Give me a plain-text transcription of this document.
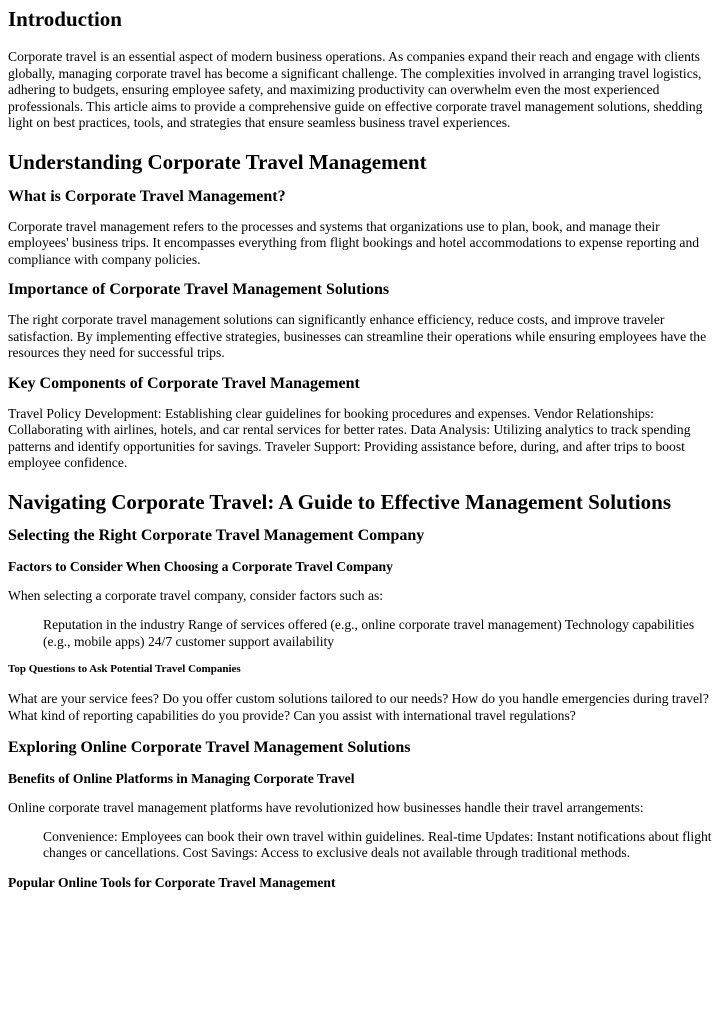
Introduction

Corporate travel is an essential aspect of modern business operations. As companies expand their reach and engage with clients globally, managing corporate travel has become a significant challenge. The complexities involved in arranging travel logistics, adhering to budgets, ensuring employee safety, and maximizing productivity can overwhelm even the most experienced professionals. This article aims to provide a comprehensive guide on effective corporate travel management solutions, shedding light on best practices, tools, and strategies that ensure seamless business travel experiences.

Understanding Corporate Travel Management
What is Corporate Travel Management?

Corporate travel management refers to the processes and systems that organizations use to plan, book, and manage their employees' business trips. It encompasses everything from flight bookings and hotel accommodations to expense reporting and compliance with company policies.

Importance of Corporate Travel Management Solutions

The right corporate travel management solutions can significantly enhance efficiency, reduce costs, and improve traveler satisfaction. By implementing effective strategies, businesses can streamline their operations while ensuring employees have the resources they need for successful trips.

Key Components of Corporate Travel Management

Travel Policy Development: Establishing clear guidelines for booking procedures and expenses. Vendor Relationships: Collaborating with airlines, hotels, and car rental services for better rates. Data Analysis: Utilizing analytics to track spending patterns and identify opportunities for savings. Traveler Support: Providing assistance before, during, and after trips to boost employee confidence.

Navigating Corporate Travel: A Guide to Effective Management Solutions
Selecting the Right Corporate Travel Management Company
Factors to Consider When Choosing a Corporate Travel Company

When selecting a corporate travel company, consider factors such as:

Reputation in the industry Range of services offered (e.g., online corporate travel management) Technology capabilities (e.g., mobile apps) 24/7 customer support availability
Top Questions to Ask Potential Travel Companies

What are your service fees? Do you offer custom solutions tailored to our needs? How do you handle emergencies during travel? What kind of reporting capabilities do you provide? Can you assist with international travel regulations?

Exploring Online Corporate Travel Management Solutions
Benefits of Online Platforms in Managing Corporate Travel

Online corporate travel management platforms have revolutionized how businesses handle their travel arrangements:

Convenience: Employees can book their own travel within guidelines. Real-time Updates: Instant notifications about flight changes or cancellations. Cost Savings: Access to exclusive deals not available through traditional methods.
Popular Online Tools for Corporate Travel Management
